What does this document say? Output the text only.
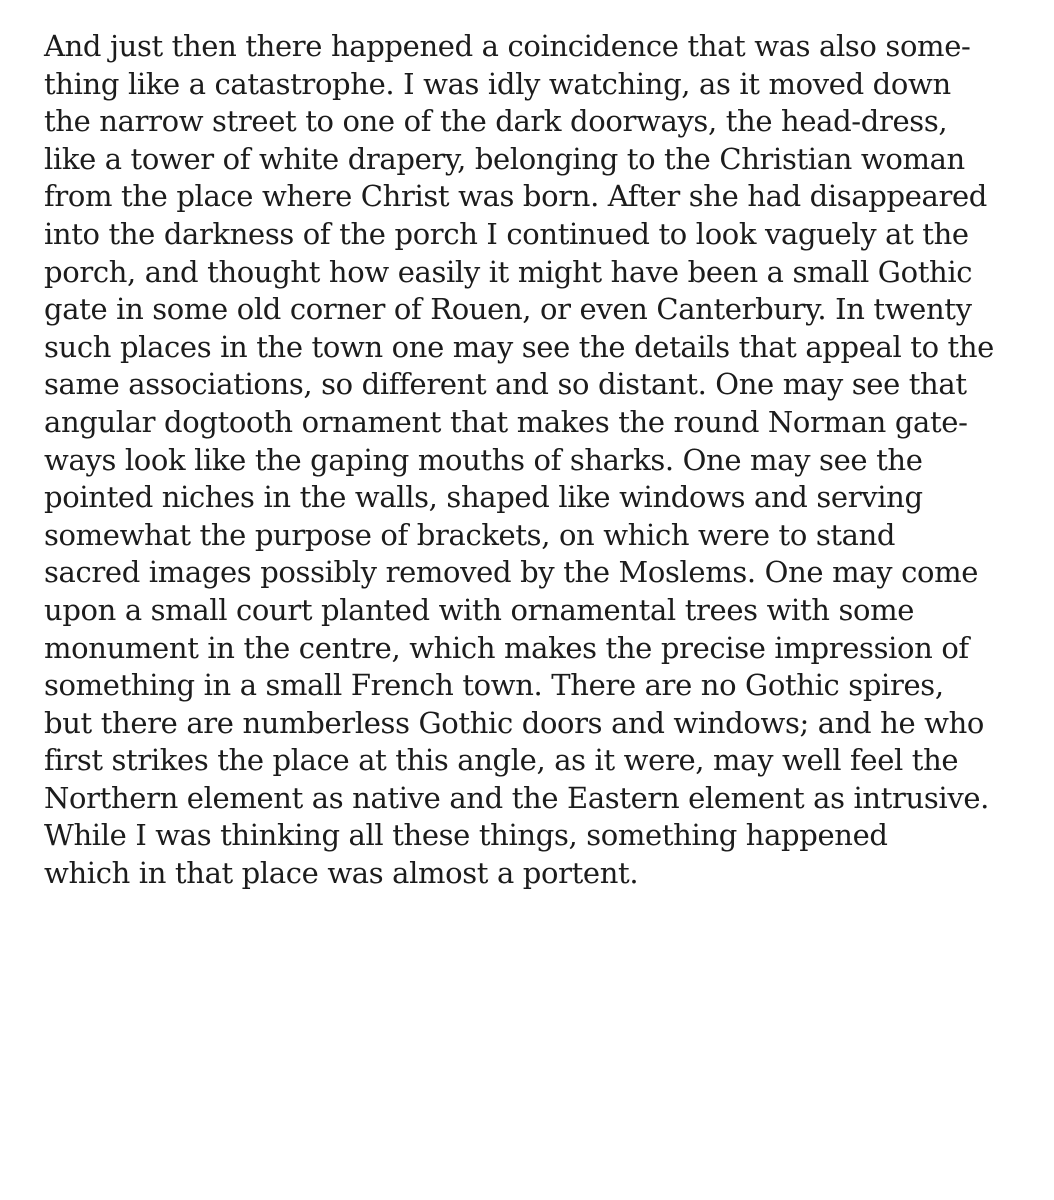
And just then there happened a coincidence that was also some-
thing like a catastrophe. I was idly watching, as it moved down
the narrow street to one of the dark doorways, the head-dress,
like a tower of white drapery, belonging to the Christian woman
from the place where Christ was born. After she had disappeared
into the darkness of the porch I continued to look vaguely at the
porch, and thought how easily it might have been a small Gothic
gate in some old corner of Rouen, or even Canterbury. In twenty
such places in the town one may see the details that appeal to the
same associations, so different and so distant. One may see that
angular dogtooth ornament that makes the round Norman gate-
ways look like the gaping mouths of sharks. One may see the
pointed niches in the walls, shaped like windows and serving
somewhat the purpose of brackets, on which were to stand
sacred images possibly removed by the Moslems. One may come
upon a small court planted with ornamental trees with some
monument in the centre, which makes the precise impression of
something in a small French town. There are no Gothic spires,
but there are numberless Gothic doors and windows; and he who
first strikes the place at this angle, as it were, may well feel the
Northern element as native and the Eastern element as intrusive.
While I was thinking all these things, something happened
which in that place was almost a portent.
